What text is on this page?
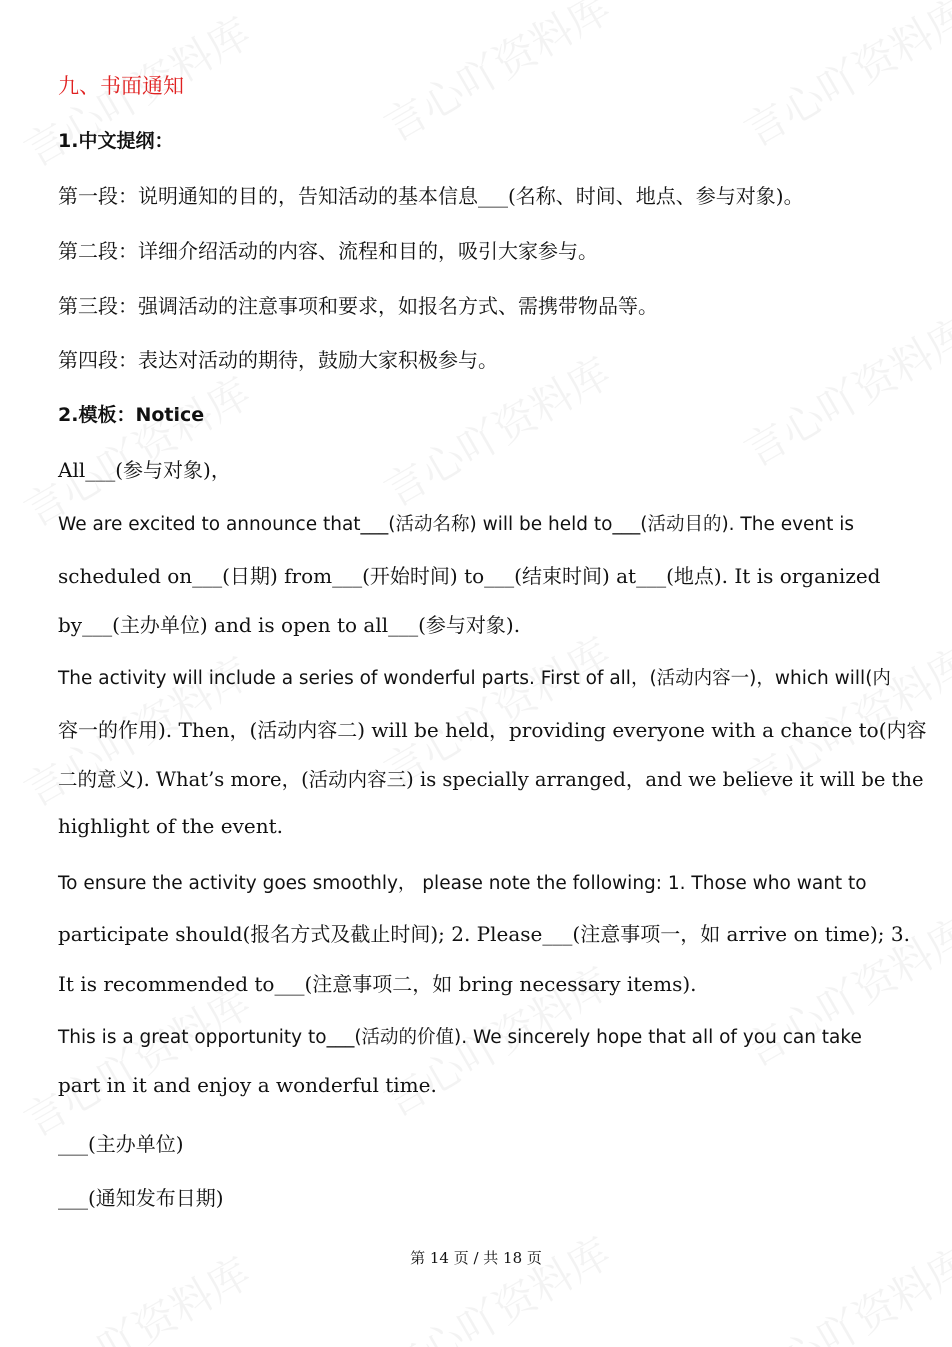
九、书面通知
1.中文提纲：
第一段：说明通知的目的，告知活动的基本信息___(名称、时间、地点、参与对象)。
第二段：详细介绍活动的内容、流程和目的，吸引大家参与。
第三段：强调活动的注意事项和要求，如报名方式、需携带物品等。
第四段：表达对活动的期待，鼓励大家积极参与。
2.模板：Notice
All___(参与对象)，
We are excited to announce that___(活动名称) will be held to___(活动目的). The event is
scheduled on___(日期) from___(开始时间) to___(结束时间) at___(地点). It is organized
by___(主办单位) and is open to all___(参与对象).
The activity will include a series of wonderful parts. First of all，(活动内容一)，which will(内
容一的作用). Then，(活动内容二) will be held，providing everyone with a chance to(内容
二的意义). What’s more，(活动内容三) is specially arranged，and we believe it will be the
highlight of the event.
To ensure the activity goes smoothly， please note the following: 1. Those who want to
participate should(报名方式及截止时间); 2. Please___(注意事项一，如 arrive on time); 3.
It is recommended to___(注意事项二，如 bring necessary items).
This is a great opportunity to___(活动的价值). We sincerely hope that all of you can take
part in it and enjoy a wonderful time.
___(主办单位)
___(通知发布日期)
第 14 页 / 共 18 页
